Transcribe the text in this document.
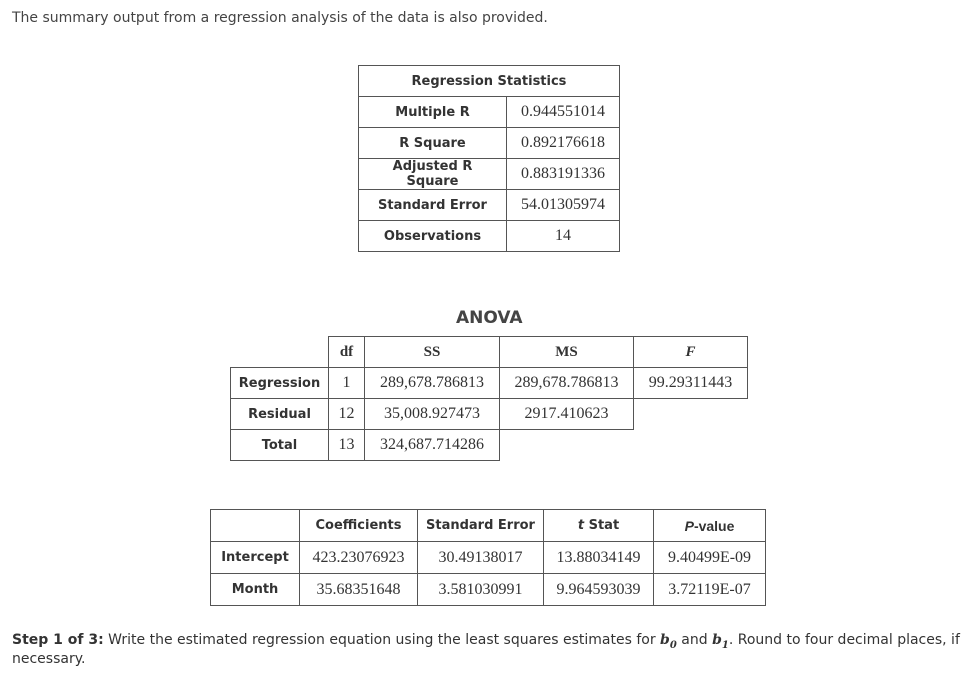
The summary output from a regression analysis of the data is also provided.
Regression Statistics	
Multiple R	0.944551014
R Square	0.892176618
Adjusted R Square	0.883191336
Standard Error	54.01305974
Observations	14
ANOVA
	df	SS	MS	F
Regression	1	289,678.786813	289,678.786813	99.29311443
Residual	12	35,008.927473	2917.410623	
Total	13	324,687.714286		
	Coefficients	Standard Error	t Stat	P-value
Intercept	423.23076923	30.49138017	13.88034149	9.40499E-09
Month	35.68351648	3.581030991	9.964593039	3.72119E-07
Step 1 of 3: Write the estimated regression equation using the least squares estimates for $b_0$ and $b_1$. Round to four decimal places, if necessary.
